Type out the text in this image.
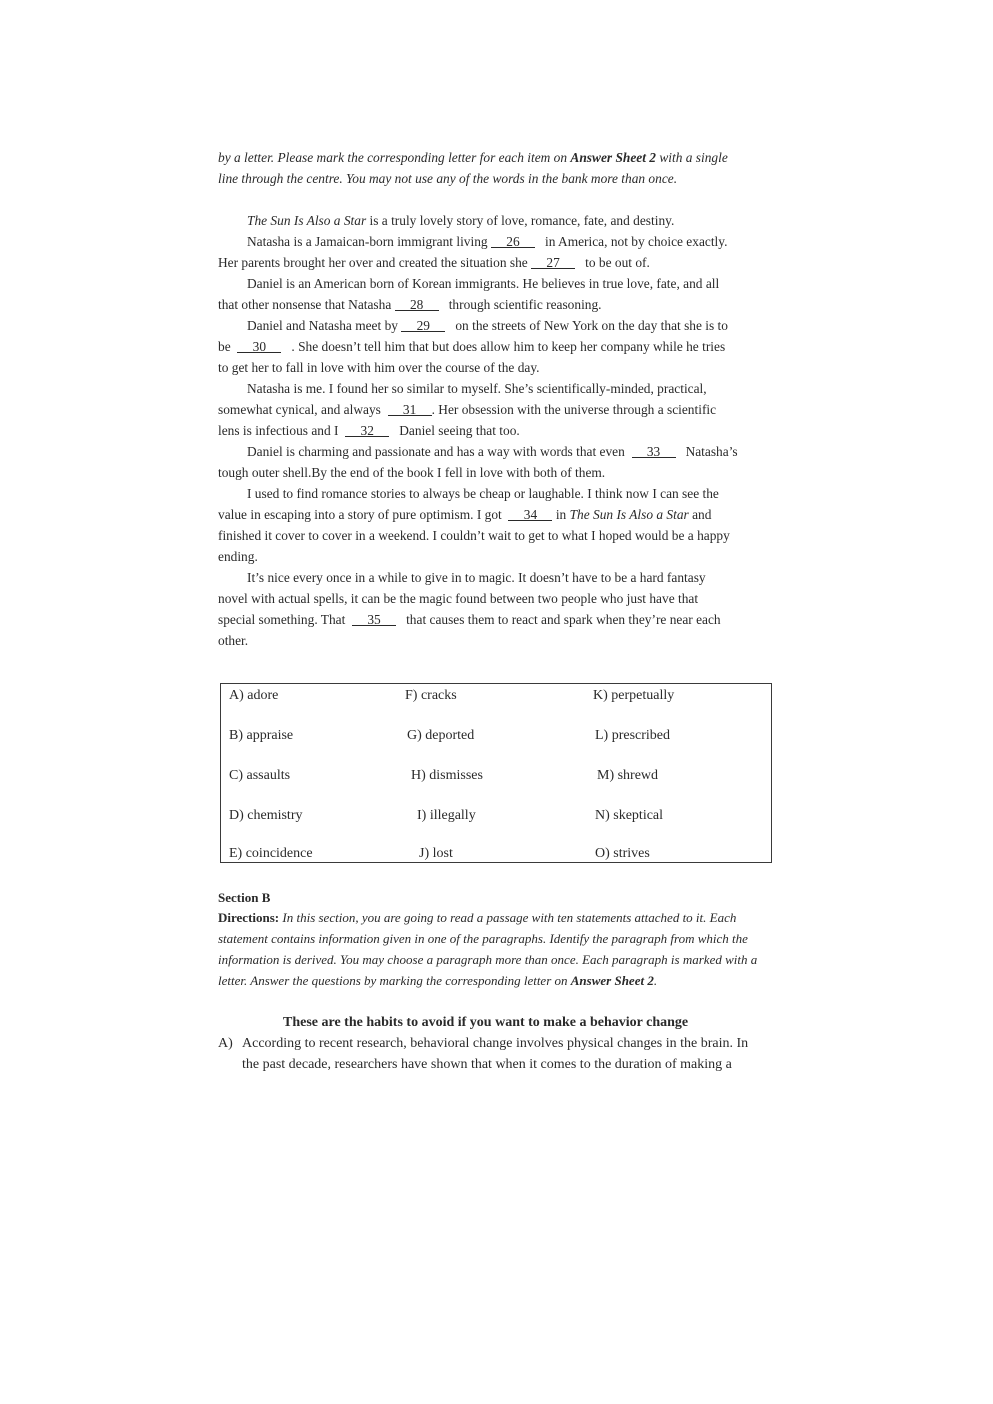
by a letter. Please mark the corresponding letter for each item on Answer Sheet 2 with a single
line through the centre. You may not use any of the words in the bank more than once.
The Sun Is Also a Star is a truly lovely story of love, romance, fate, and destiny.
Natasha is a Jamaican-born immigrant living 26   in America, not by choice exactly.
Her parents brought her over and created the situation she 27   to be out of.
Daniel is an American born of Korean immigrants. He believes in true love, fate, and all
that other nonsense that Natasha 28   through scientific reasoning.
Daniel and Natasha meet by 29   on the streets of New York on the day that she is to
be  30   . She doesn’t tell him that but does allow him to keep her company while he tries
to get her to fall in love with him over the course of the day.
Natasha is me. I found her so similar to myself. She’s scientifically-minded, practical,
somewhat cynical, and always  31 . Her obsession with the universe through a scientific
lens is infectious and I  32   Daniel seeing that too.
Daniel is charming and passionate and has a way with words that even  33   Natasha’s
tough outer shell.By the end of the book I fell in love with both of them.
I used to find romance stories to always be cheap or laughable. I think now I can see the
value in escaping into a story of pure optimism. I got  34 in The Sun Is Also a Star and
finished it cover to cover in a weekend. I couldn’t wait to get to what I hoped would be a happy
ending.
It’s nice every once in a while to give in to magic. It doesn’t have to be a hard fantasy
novel with actual spells, it can be the magic found between two people who just have that
special something. That  35   that causes them to react and spark when they’re near each
other.
A) adore
B) appraise
C) assaults
D) chemistry
E) coincidence
F) cracks
G) deported
H) dismisses
I) illegally
J) lost
K) perpetually
L) prescribed
M) shrewd
N) skeptical
O) strives
Section B
Directions: In this section, you are going to read a passage with ten statements attached to it. Each
statement contains information given in one of the paragraphs. Identify the paragraph from which the
information is derived. You may choose a paragraph more than once. Each paragraph is marked with a
letter. Answer the questions by marking the corresponding letter on Answer Sheet 2.
These are the habits to avoid if you want to make a behavior change
A) According to recent research, behavioral change involves physical changes in the brain. In
the past decade, researchers have shown that when it comes to the duration of making a
